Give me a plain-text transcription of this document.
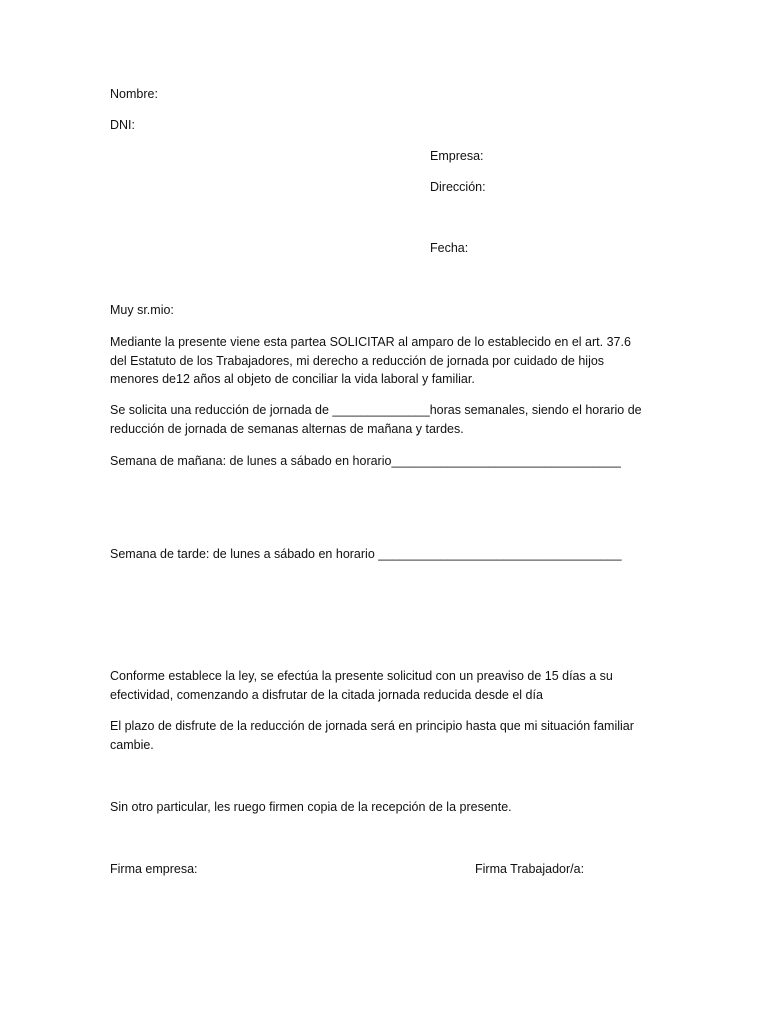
Nombre:

DNI:

Empresa:

Dirección:

Fecha:

Muy sr.mio:

Mediante la presente viene esta partea SOLICITAR al amparo de lo establecido en el art. 37.6
del Estatuto de los Trabajadores, mi derecho a reducción de jornada por cuidado de hijos
menores de12 años al objeto de conciliar la vida laboral y familiar.
Se solicita una reducción de jornada de ______________horas semanales, siendo el horario de
reducción de jornada de semanas alternas de mañana y tardes.

Semana de mañana: de lunes a sábado en horario_________________________________

Semana de tarde: de lunes a sábado en horario ___________________________________

Conforme establece la ley, se efectúa la presente solicitud con un preaviso de 15 días a su
efectividad, comenzando a disfrutar de la citada jornada reducida desde el día
El plazo de disfrute de la reducción de jornada será en principio hasta que mi situación familiar
cambie.

Sin otro particular, les ruego firmen copia de la recepción de la presente.

Firma empresa:	Firma Trabajador/a:
